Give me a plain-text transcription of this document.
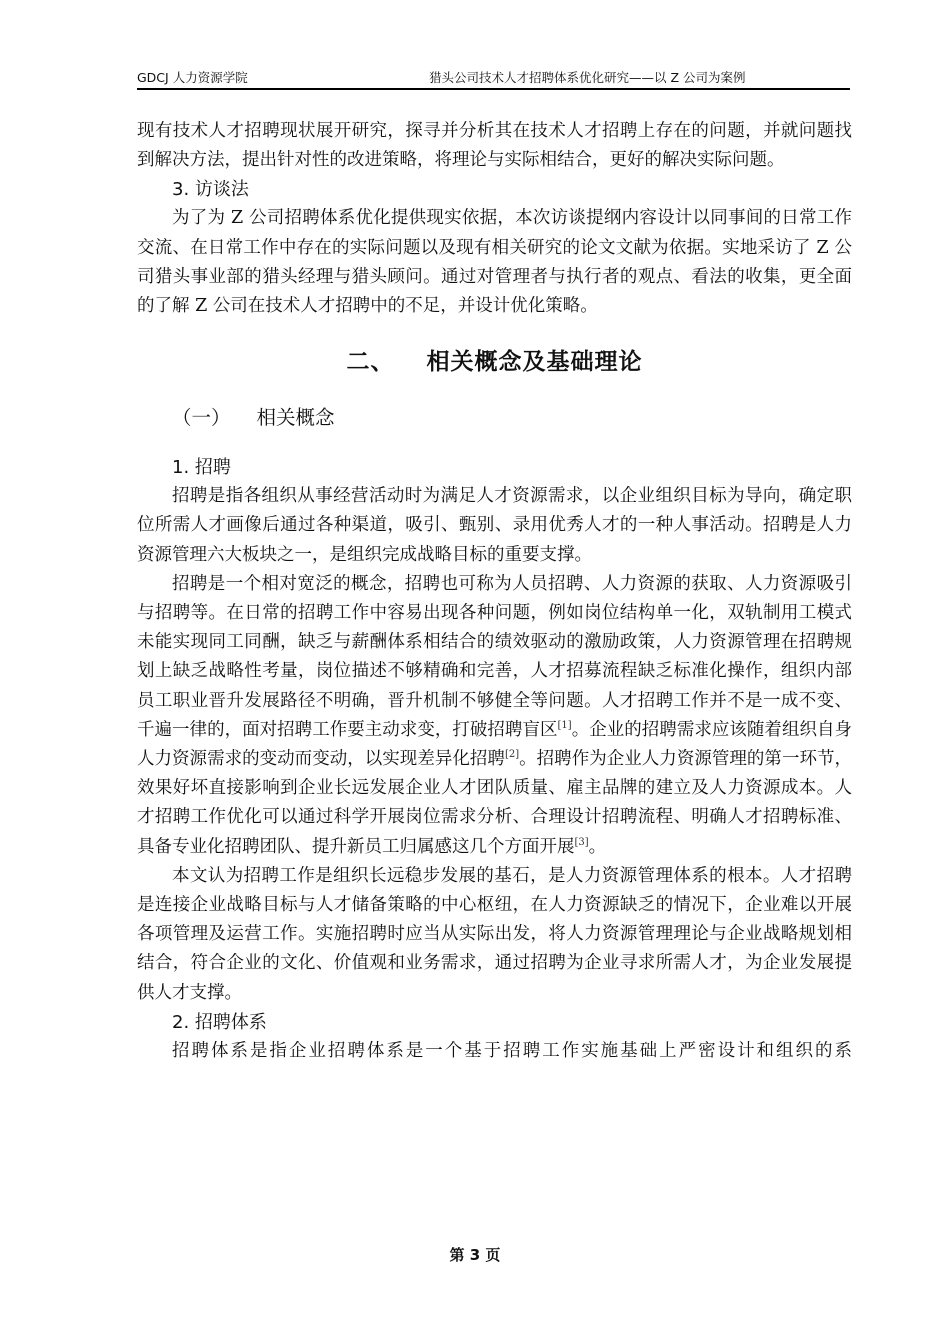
GDCJ 人力资源学院	猎头公司技术人才招聘体系优化研究——以 Z 公司为案例

现有技术人才招聘现状展开研究，探寻并分析其在技术人才招聘上存在的问题，并就问题找到解决方法，提出针对性的改进策略，将理论与实际相结合，更好的解决实际问题。

3. 访谈法

为了为 Z 公司招聘体系优化提供现实依据，本次访谈提纲内容设计以同事间的日常工作交流、在日常工作中存在的实际问题以及现有相关研究的论文文献为依据。实地采访了 Z 公司猎头事业部的猎头经理与猎头顾问。通过对管理者与执行者的观点、看法的收集，更全面的了解 Z 公司在技术人才招聘中的不足，并设计优化策略。

二、 相关概念及基础理论
（一） 相关概念
1. 招聘

招聘是指各组织从事经营活动时为满足人才资源需求，以企业组织目标为导向，确定职位所需人才画像后通过各种渠道，吸引、甄别、录用优秀人才的一种人事活动。招聘是人力资源管理六大板块之一，是组织完成战略目标的重要支撑。

招聘是一个相对宽泛的概念，招聘也可称为人员招聘、人力资源的获取、人力资源吸引与招聘等。在日常的招聘工作中容易出现各种问题，例如岗位结构单一化，双轨制用工模式未能实现同工同酬，缺乏与薪酬体系相结合的绩效驱动的激励政策，人力资源管理在招聘规划上缺乏战略性考量，岗位描述不够精确和完善，人才招募流程缺乏标准化操作，组织内部员工职业晋升发展路径不明确，晋升机制不够健全等问题。人才招聘工作并不是一成不变、千遍一律的，面对招聘工作要主动求变，打破招聘盲区[1]。企业的招聘需求应该随着组织自身人力资源需求的变动而变动，以实现差异化招聘[2]。招聘作为企业人力资源管理的第一环节，效果好坏直接影响到企业长远发展企业人才团队质量、雇主品牌的建立及人力资源成本。人才招聘工作优化可以通过科学开展岗位需求分析、合理设计招聘流程、明确人才招聘标准、具备专业化招聘团队、提升新员工归属感这几个方面开展[3]。

本文认为招聘工作是组织长远稳步发展的基石，是人力资源管理体系的根本。人才招聘是连接企业战略目标与人才储备策略的中心枢纽，在人力资源缺乏的情况下，企业难以开展各项管理及运营工作。实施招聘时应当从实际出发，将人力资源管理理论与企业战略规划相结合，符合企业的文化、价值观和业务需求，通过招聘为企业寻求所需人才，为企业发展提供人才支撑。

2. 招聘体系

招聘体系是指企业招聘体系是一个基于招聘工作实施基础上严密设计和组织的系

第 3 页
